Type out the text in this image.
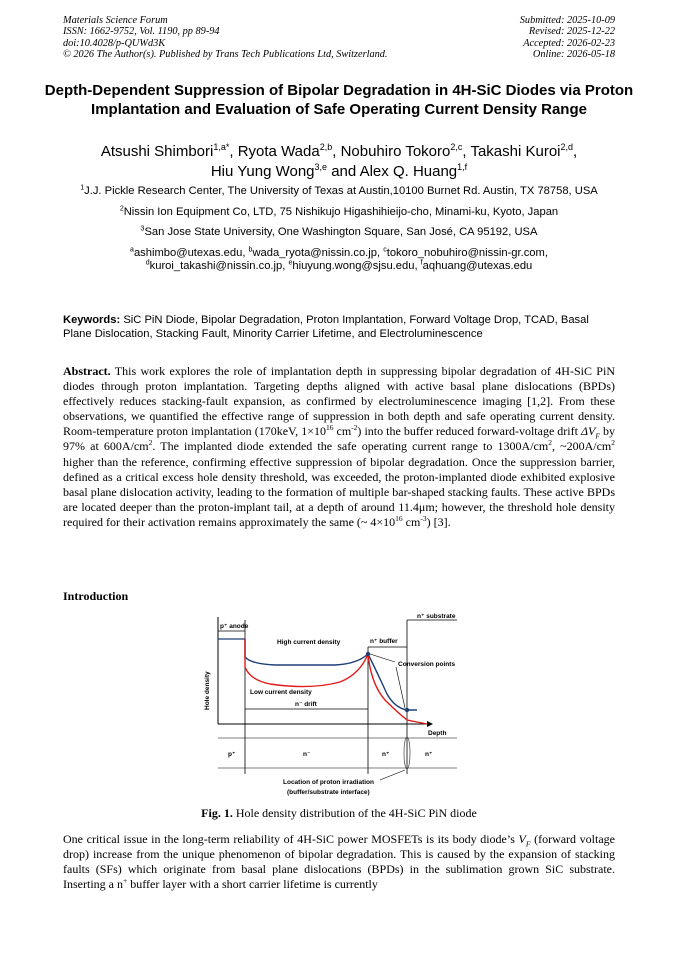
Materials Science Forum
ISSN: 1662-9752, Vol. 1190, pp 89-94
doi:10.4028/p-QUWd3K
© 2026 The Author(s). Published by Trans Tech Publications Ltd, Switzerland.
Submitted: 2025-10-09
Revised: 2025-12-22
Accepted: 2026-02-23
Online: 2026-05-18
Depth-Dependent Suppression of Bipolar Degradation in 4H-SiC Diodes via Proton Implantation and Evaluation of Safe Operating Current Density Range
Atsushi Shimbori$^{1,a*}$, Ryota Wada$^{2,b}$, Nobuhiro Tokoro$^{2,c}$, Takashi Kuroi$^{2,d}$,
Hiu Yung Wong$^{3,e}$ and Alex Q. Huang$^{1,f}$
$^1$J.J. Pickle Research Center, The University of Texas at Austin,10100 Burnet Rd. Austin, TX 78758, USA
$^2$Nissin Ion Equipment Co, LTD, 75 Nishikujo Higashihieijo-cho, Minami-ku, Kyoto, Japan
$^3$San Jose State University, One Washington Square, San José, CA 95192, USA
$^a$ashimbo@utexas.edu, $^b$wada_ryota@nissin.co.jp, $^c$tokoro_nobuhiro@nissin-gr.com,
$^d$kuroi_takashi@nissin.co.jp, $^e$hiuyung.wong@sjsu.edu, $^f$aqhuang@utexas.edu
Keywords: SiC PiN Diode, Bipolar Degradation, Proton Implantation, Forward Voltage Drop, TCAD, Basal Plane Dislocation, Stacking Fault, Minority Carrier Lifetime, and Electroluminescence

Abstract. This work explores the role of implantation depth in suppressing bipolar degradation of 4H-SiC PiN diodes through proton implantation. Targeting depths aligned with active basal plane dislocations (BPDs) effectively reduces stacking-fault expansion, as confirmed by electroluminescence imaging [1,2]. From these observations, we quantified the effective range of suppression in both depth and safe operating current density. Room-temperature proton implantation (170keV, $1\times 10^{16}$ $cm^{-2}$) into the buffer reduced forward-voltage drift $\Delta V_F$ by 97% at $600A/cm^2$. The implanted diode extended the safe operating current range to $1300A/cm^2$, $\sim 200A/cm^2$ higher than the reference, confirming effective suppression of bipolar degradation. Once the suppression barrier, defined as a critical excess hole density threshold, was exceeded, the proton-implanted diode exhibited explosive basal plane dislocation activity, leading to the formation of multiple bar-shaped stacking faults. These active BPDs are located deeper than the proton-implant tail, at a depth of around 11.4μm; however, the threshold hole density required for their activation remains approximately the same (~ $4\times 10^{16}$ $cm^{-3}$) [3].

Introduction
p⁺ anode
n⁺ substrate
n⁺ buffer
High current density
Low current density
n⁻ drift
Conversion points
Hole density
Depth
p⁺	n⁻	n⁺	n⁺
Location of proton irradiation
(buffer/substrate interface)
Fig. 1. Hole density distribution of the 4H-SiC PiN diode

One critical issue in the long-term reliability of 4H-SiC power MOSFETs is its body diode’s $V_F$ (forward voltage drop) increase from the unique phenomenon of bipolar degradation. This is caused by the expansion of stacking faults (SFs) which originate from basal plane dislocations (BPDs) in the sublimation grown SiC substrate. Inserting a n+ buffer layer with a short carrier lifetime is currently
